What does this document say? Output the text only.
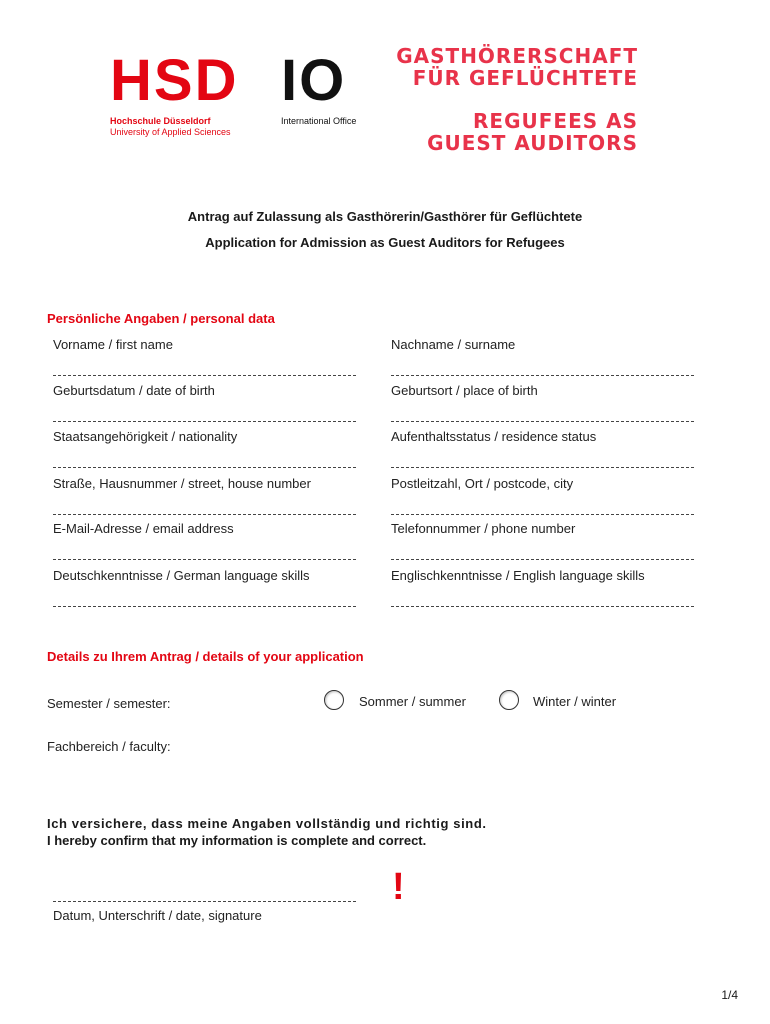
HSD
Hochschule Düsseldorf
University of Applied Sciences
IO
International Office
GASTHÖRERSCHAFT
FÜR GEFLÜCHTETE
REGUFEES AS
GUEST AUDITORS
Antrag auf Zulassung als Gasthörerin/Gasthörer für Geflüchtete
Application for Admission as Guest Auditors for Refugees
Persönliche Angaben / personal data
Vorname / first name
Geburtsdatum / date of birth
Staatsangehörigkeit / nationality
Straße, Hausnummer / street, house number
E-Mail-Adresse / email address
Deutschkenntnisse / German language skills
Nachname / surname
Geburtsort / place of birth
Aufenthaltsstatus / residence status
Postleitzahl, Ort / postcode, city
Telefonnummer / phone number
Englischkenntnisse / English language skills
Details zu Ihrem Antrag / details of your application
Semester / semester:	Sommer / summer	Winter / winter
Fachbereich / faculty:
Ich versichere, dass meine Angaben vollständig und richtig sind.
I hereby confirm that my information is complete and correct.
Datum, Unterschrift / date, signature
!
1/4
